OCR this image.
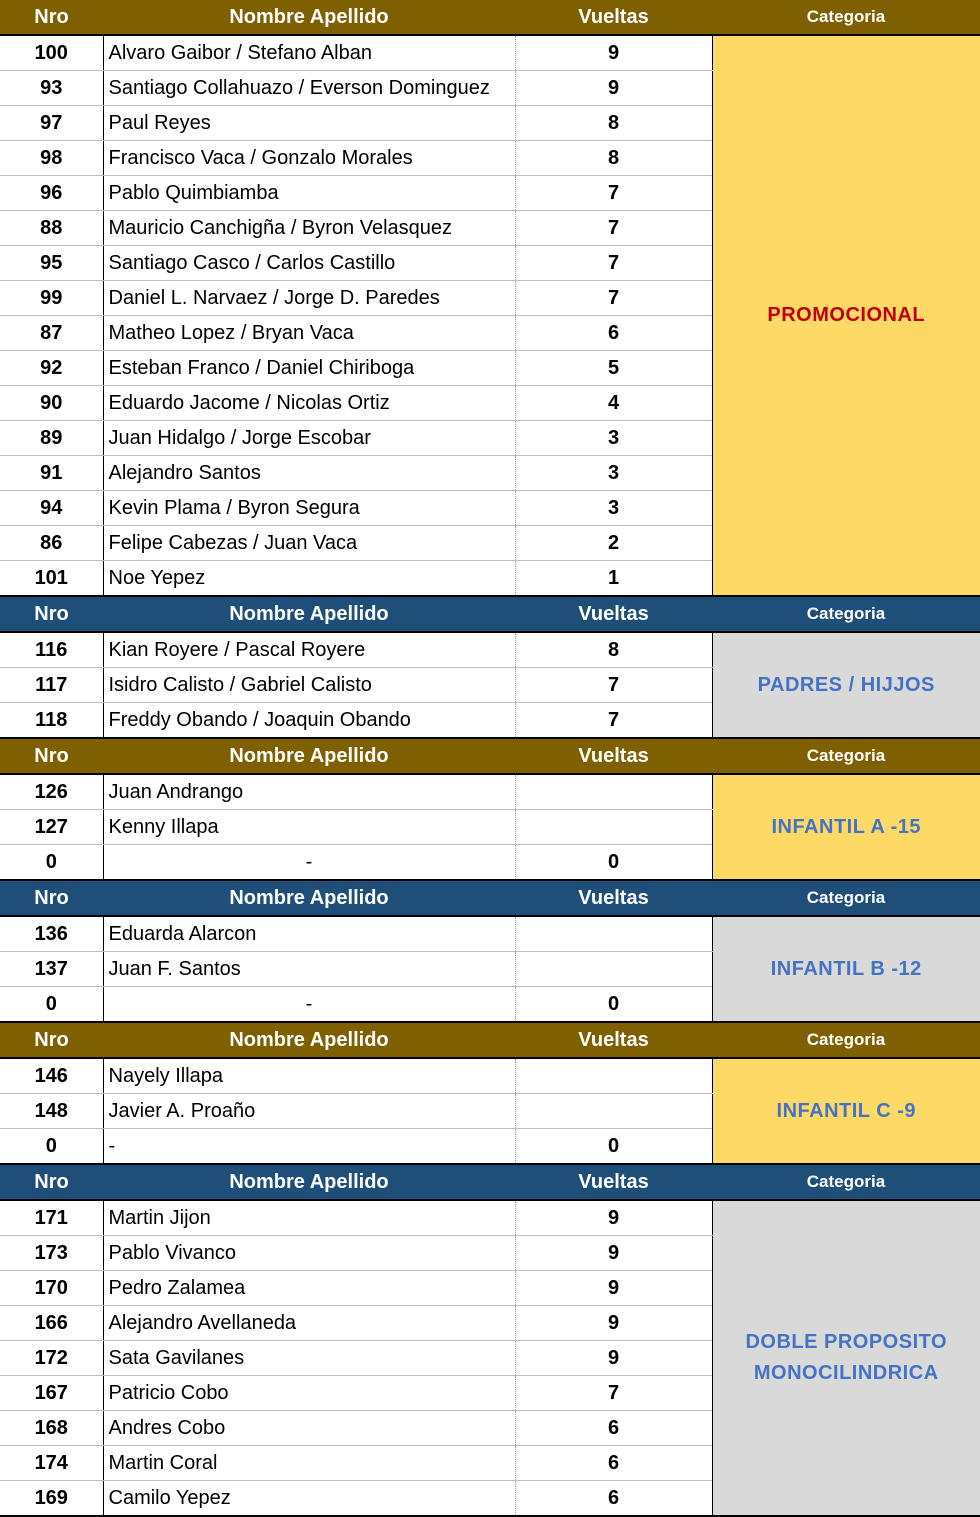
Nro	Nombre Apellido	Vueltas	Categoria
100	Alvaro Gaibor / Stefano Alban	9	PROMOCIONAL
93	Santiago Collahuazo / Everson Dominguez	9	
97	Paul Reyes	8	
98	Francisco Vaca / Gonzalo Morales	8	
96	Pablo Quimbiamba	7	
88	Mauricio Canchigña / Byron Velasquez	7	
95	Santiago Casco / Carlos Castillo	7	
99	Daniel L. Narvaez / Jorge D. Paredes	7	
87	Matheo Lopez / Bryan Vaca	6	
92	Esteban Franco / Daniel Chiriboga	5	
90	Eduardo Jacome / Nicolas Ortiz	4	
89	Juan Hidalgo / Jorge Escobar	3	
91	Alejandro Santos	3	
94	Kevin Plama / Byron Segura	3	
86	Felipe Cabezas / Juan Vaca	2	
101	Noe Yepez	1	
Nro	Nombre Apellido	Vueltas	Categoria
116	Kian Royere / Pascal Royere	8	PADRES / HIJJOS
117	Isidro Calisto / Gabriel Calisto	7	
118	Freddy Obando / Joaquin Obando	7	
Nro	Nombre Apellido	Vueltas	Categoria
126	Juan Andrango		INFANTIL A -15
127	Kenny Illapa		
0	-	0	
Nro	Nombre Apellido	Vueltas	Categoria
136	Eduarda Alarcon		INFANTIL B -12
137	Juan F. Santos		
0	-	0	
Nro	Nombre Apellido	Vueltas	Categoria
146	Nayely Illapa		INFANTIL C -9
148	Javier A. Proaño		
0	-	0	
Nro	Nombre Apellido	Vueltas	Categoria
171	Martin Jijon	9	DOBLE PROPOSITO
MONOCILINDRICA

173	Pablo Vivanco	9	
170	Pedro Zalamea	9	
166	Alejandro Avellaneda	9	
172	Sata Gavilanes	9	
167	Patricio Cobo	7	
168	Andres Cobo	6	
174	Martin Coral	6	
169	Camilo Yepez	6	
